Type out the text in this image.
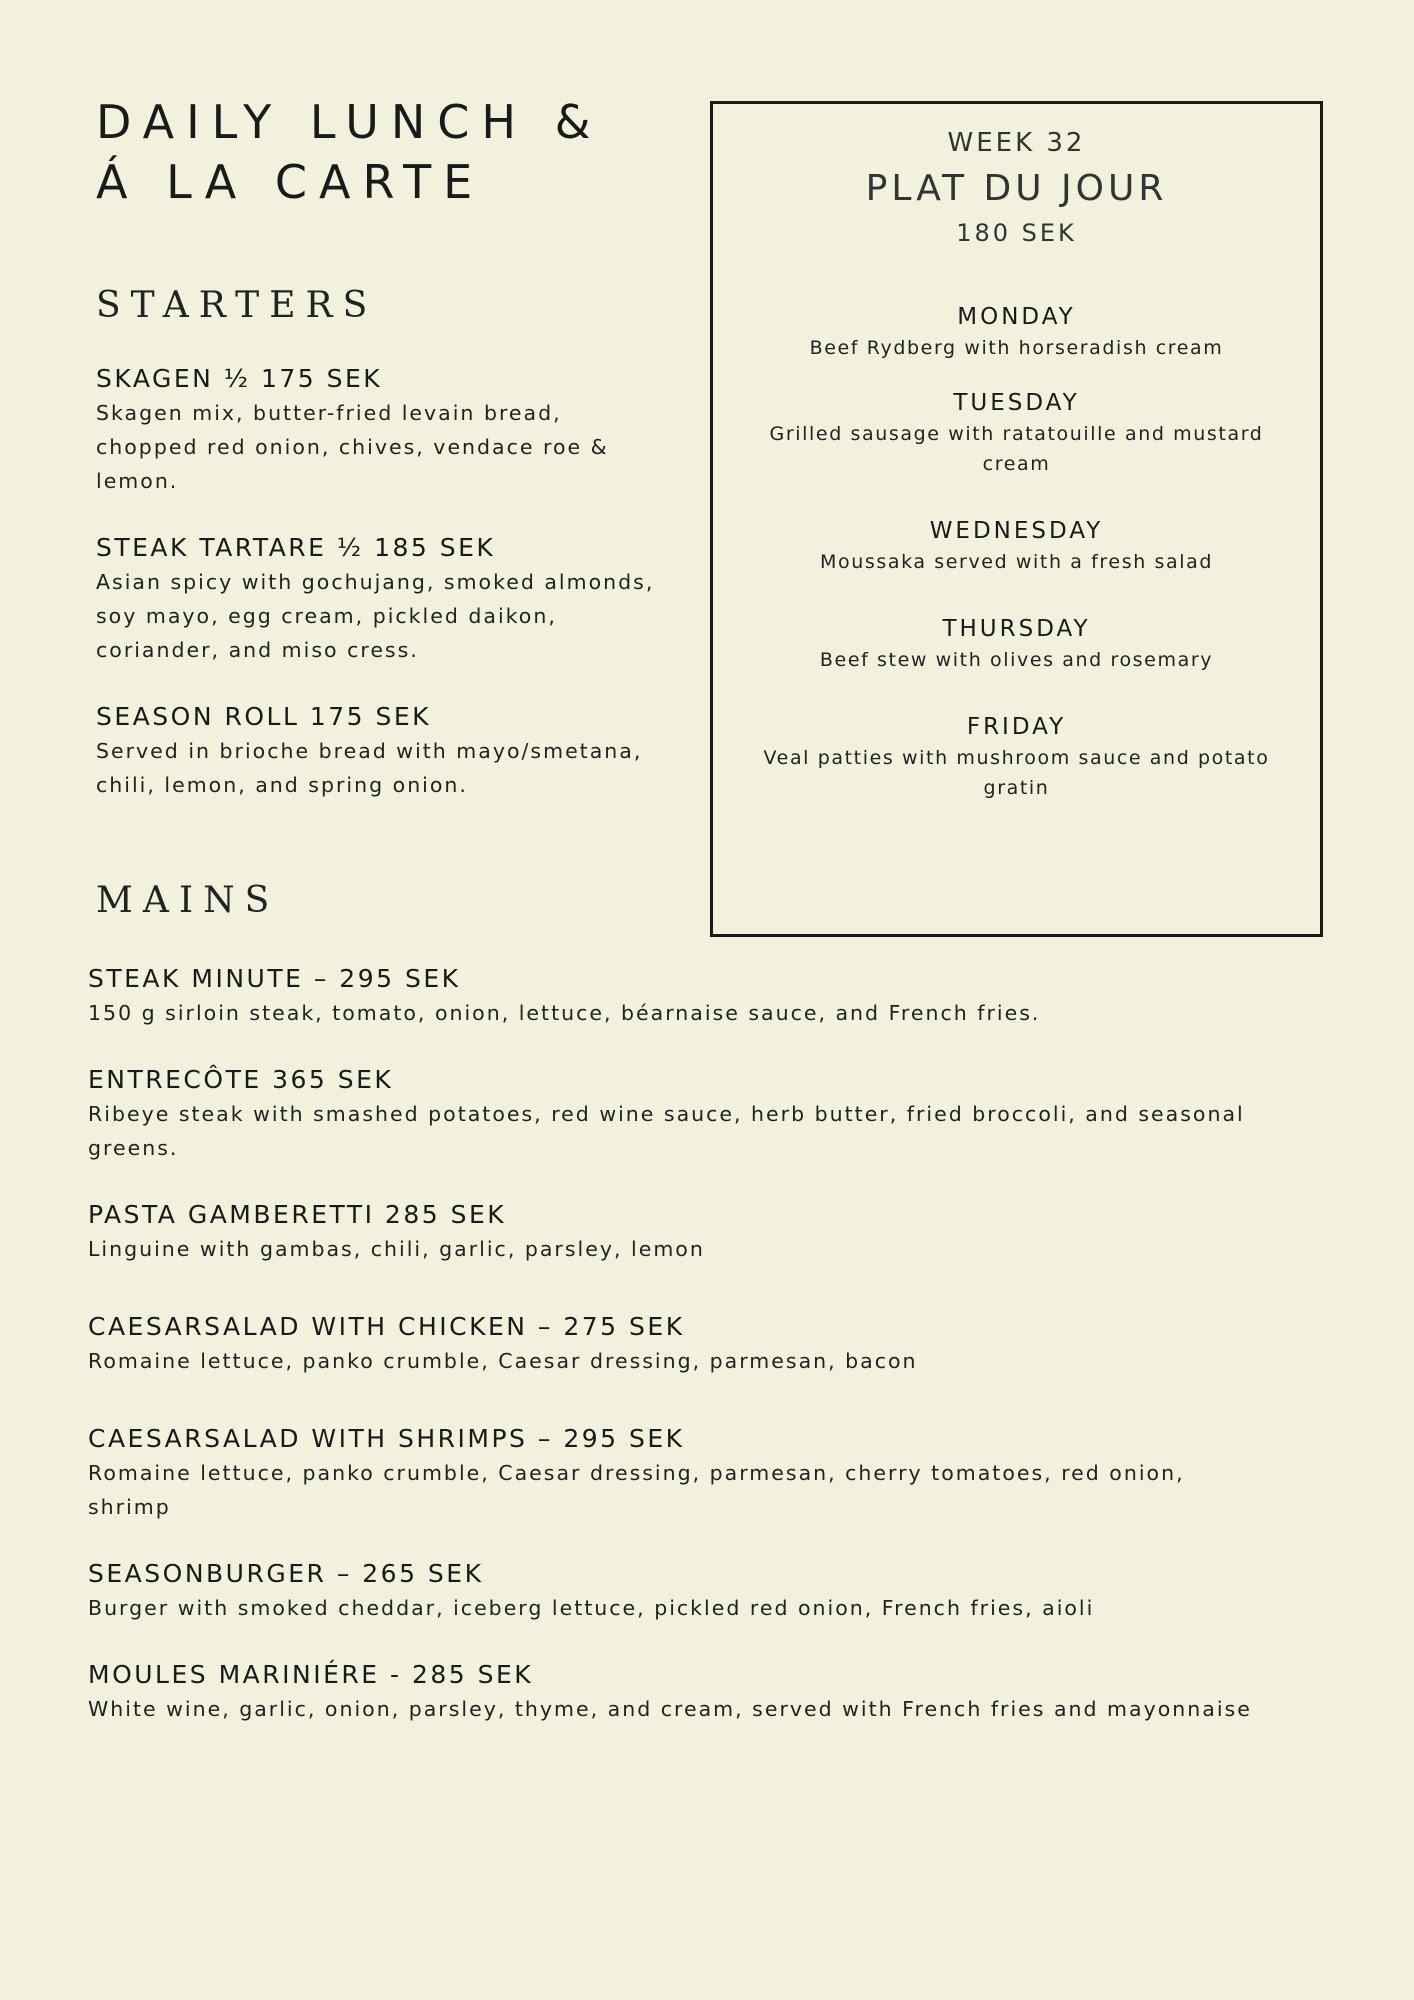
DAILY LUNCH &
Á LA CARTE
STARTERS
SKAGEN ½ 175 SEK
Skagen mix, butter-fried levain bread, chopped red onion, chives, vendace roe & lemon.
STEAK TARTARE ½ 185 SEK
Asian spicy with gochujang, smoked almonds, soy mayo, egg cream, pickled daikon, coriander, and miso cress.
SEASON ROLL 175 SEK
Served in brioche bread with mayo/smetana, chili, lemon, and spring onion.
MAINS
STEAK MINUTE – 295 SEK
150 g sirloin steak, tomato, onion, lettuce, béarnaise sauce, and French fries.
ENTRECÔTE 365 SEK
Ribeye steak with smashed potatoes, red wine sauce, herb butter, fried broccoli, and seasonal greens.
PASTA GAMBERETTI 285 SEK
Linguine with gambas, chili, garlic, parsley, lemon
CAESARSALAD WITH CHICKEN – 275 SEK
Romaine lettuce, panko crumble, Caesar dressing, parmesan, bacon
CAESARSALAD WITH SHRIMPS – 295 SEK
Romaine lettuce, panko crumble, Caesar dressing, parmesan, cherry tomatoes, red onion, shrimp
SEASONBURGER – 265 SEK
Burger with smoked cheddar, iceberg lettuce, pickled red onion, French fries, aioli
MOULES MARINIÉRE - 285 SEK
White wine, garlic, onion, parsley, thyme, and cream, served with French fries and mayonnaise
WEEK 32
PLAT DU JOUR
180 SEK
MONDAY
Beef Rydberg with horseradish cream
TUESDAY
Grilled sausage with ratatouille and mustard cream
WEDNESDAY
Moussaka served with a fresh salad
THURSDAY
Beef stew with olives and rosemary
FRIDAY
Veal patties with mushroom sauce and potato gratin
